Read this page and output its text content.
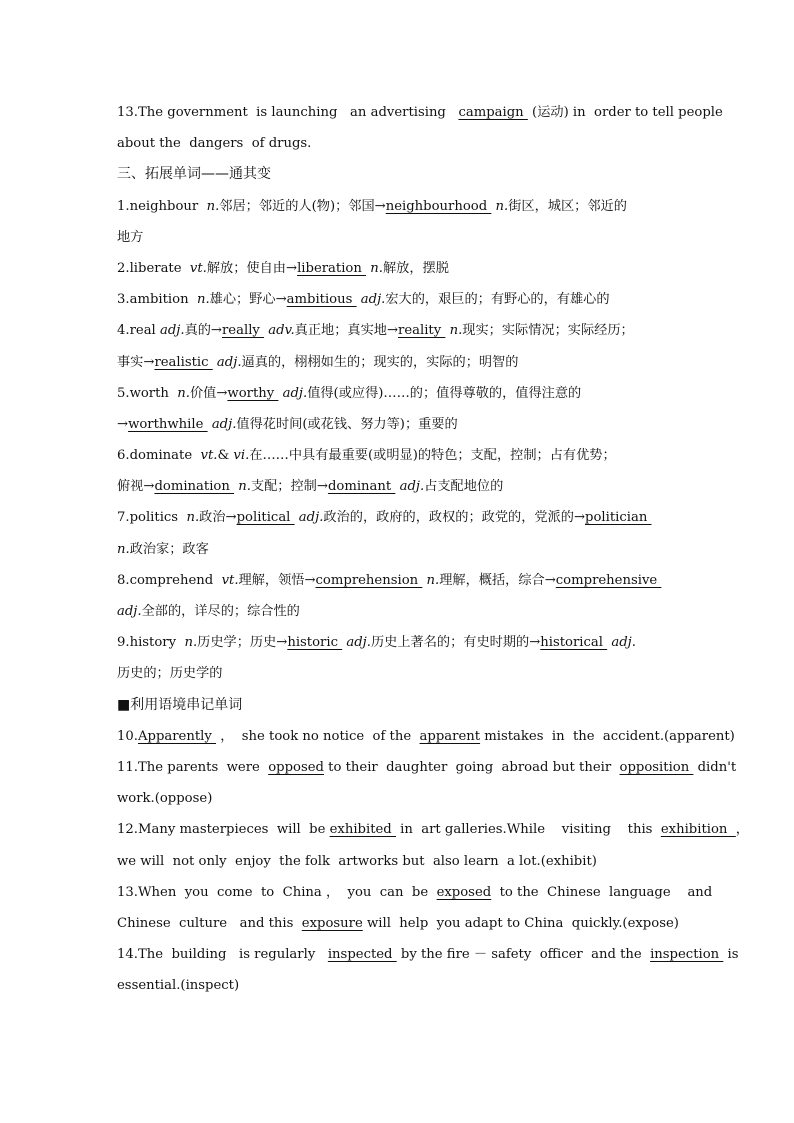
13.The government  is launching   an advertising   campaign  (运动) in  order to tell people
about the  dangers  of drugs.
三、拓展单词——通其变
1.neighbour  n.邻居；邻近的人(物)；邻国→neighbourhood  n.街区，城区；邻近的
地方
2.liberate  vt.解放；使自由→liberation  n.解放，摆脱
3.ambition  n.雄心；野心→ambitious  adj.宏大的，艰巨的；有野心的，有雄心的
4.real adj.真的→really  adv.真正地；真实地→reality  n.现实；实际情况；实际经历；
事实→realistic  adj.逼真的，栩栩如生的；现实的，实际的；明智的
5.worth  n.价值→worthy  adj.值得(或应得)……的；值得尊敬的，值得注意的
→worthwhile  adj.值得花时间(或花钱、努力等)；重要的
6.dominate  vt.& vi.在……中具有最重要(或明显)的特色；支配，控制；占有优势；
俯视→domination  n.支配；控制→dominant  adj.占支配地位的
7.politics  n.政治→political  adj.政治的，政府的，政权的；政党的，党派的→politician
n.政治家；政客
8.comprehend  vt.理解，领悟→comprehension  n.理解，概括，综合→comprehensive
adj.全部的，详尽的；综合性的
9.history  n.历史学；历史→historic  adj.历史上著名的；有史时期的→historical  adj.
历史的；历史学的
■利用语境串记单词
10.Apparently  ，  she took no notice  of the  apparent mistakes  in  the  accident.(apparent)
11.The parents  were  opposed to their  daughter  going  abroad but their  opposition  didn't
work.(oppose)
12.Many masterpieces  will  be exhibited  in  art galleries.While    visiting    this  exhibition  ，
we will  not only  enjoy  the folk  artworks but  also learn  a lot.(exhibit)
13.When  you  come  to  China ，  you  can  be  exposed  to the  Chinese  language    and
Chinese  culture   and this  exposure will  help  you adapt to China  quickly.(expose)
14.The  building   is regularly   inspected  by the fire － safety  officer  and the  inspection  is
essential.(inspect)
